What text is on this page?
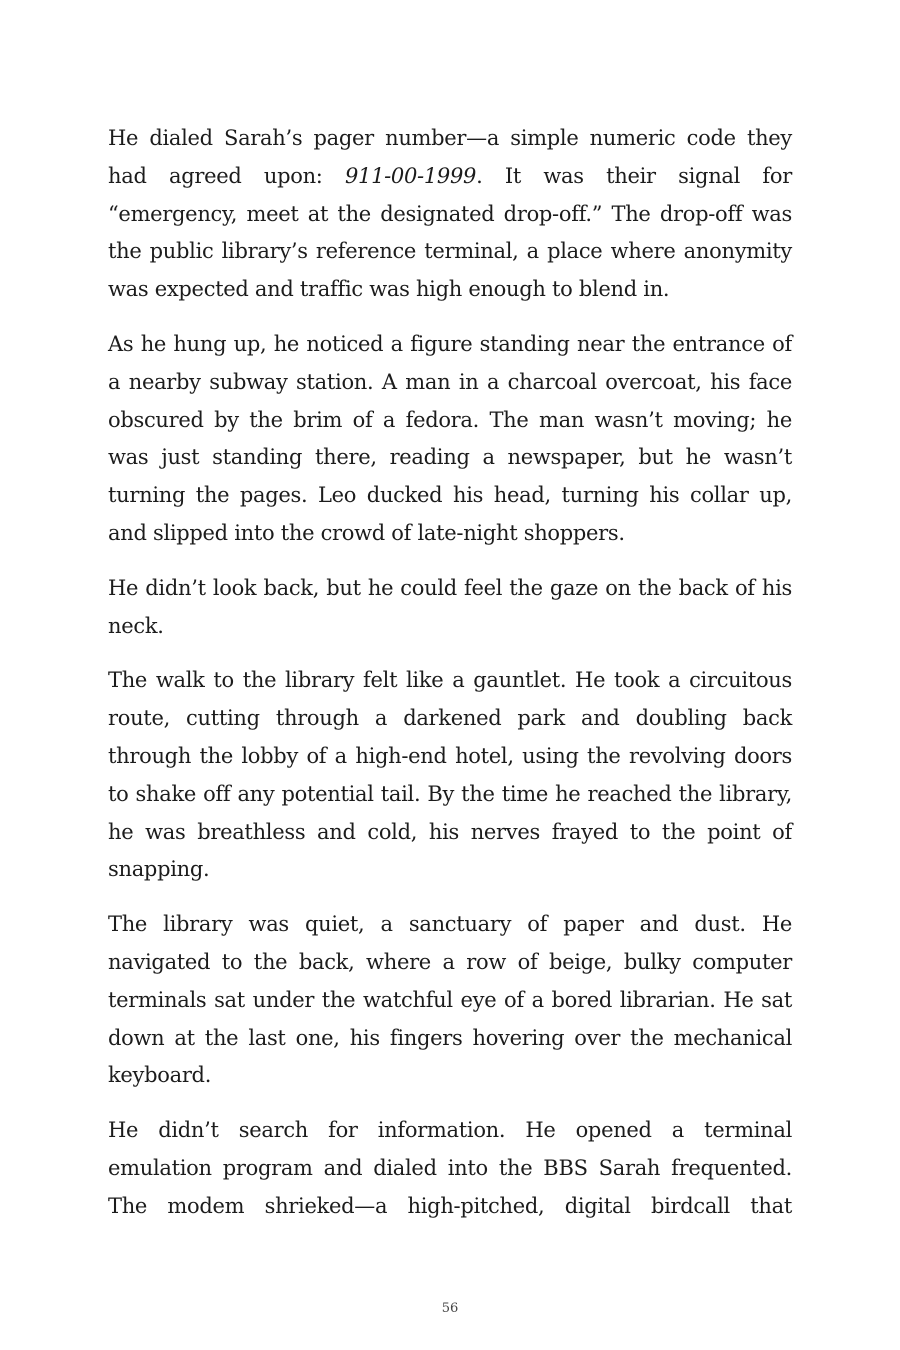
He dialed Sarah’s pager number—a simple numeric code they had agreed upon: 911-00-1999. It was their signal for “emergency, meet at the designated drop-off.” The drop-off was the public library’s reference terminal, a place where anonymity was expected and traffic was high enough to blend in.

As he hung up, he noticed a figure standing near the entrance of a nearby subway station. A man in a charcoal overcoat, his face obscured by the brim of a fedora. The man wasn’t moving; he was just standing there, reading a newspaper, but he wasn’t turning the pages. Leo ducked his head, turning his collar up, and slipped into the crowd of late-night shoppers.

He didn’t look back, but he could feel the gaze on the back of his neck.

The walk to the library felt like a gauntlet. He took a circuitous route, cutting through a darkened park and doubling back through the lobby of a high-end hotel, using the revolving doors to shake off any potential tail. By the time he reached the library, he was breathless and cold, his nerves frayed to the point of snapping.

The library was quiet, a sanctuary of paper and dust. He navigated to the back, where a row of beige, bulky computer terminals sat under the watchful eye of a bored librarian. He sat down at the last one, his fingers hovering over the mechanical keyboard.

He didn’t search for information. He opened a terminal emulation program and dialed into the BBS Sarah frequented. The modem shrieked—a high-pitched, digital birdcall that

56
